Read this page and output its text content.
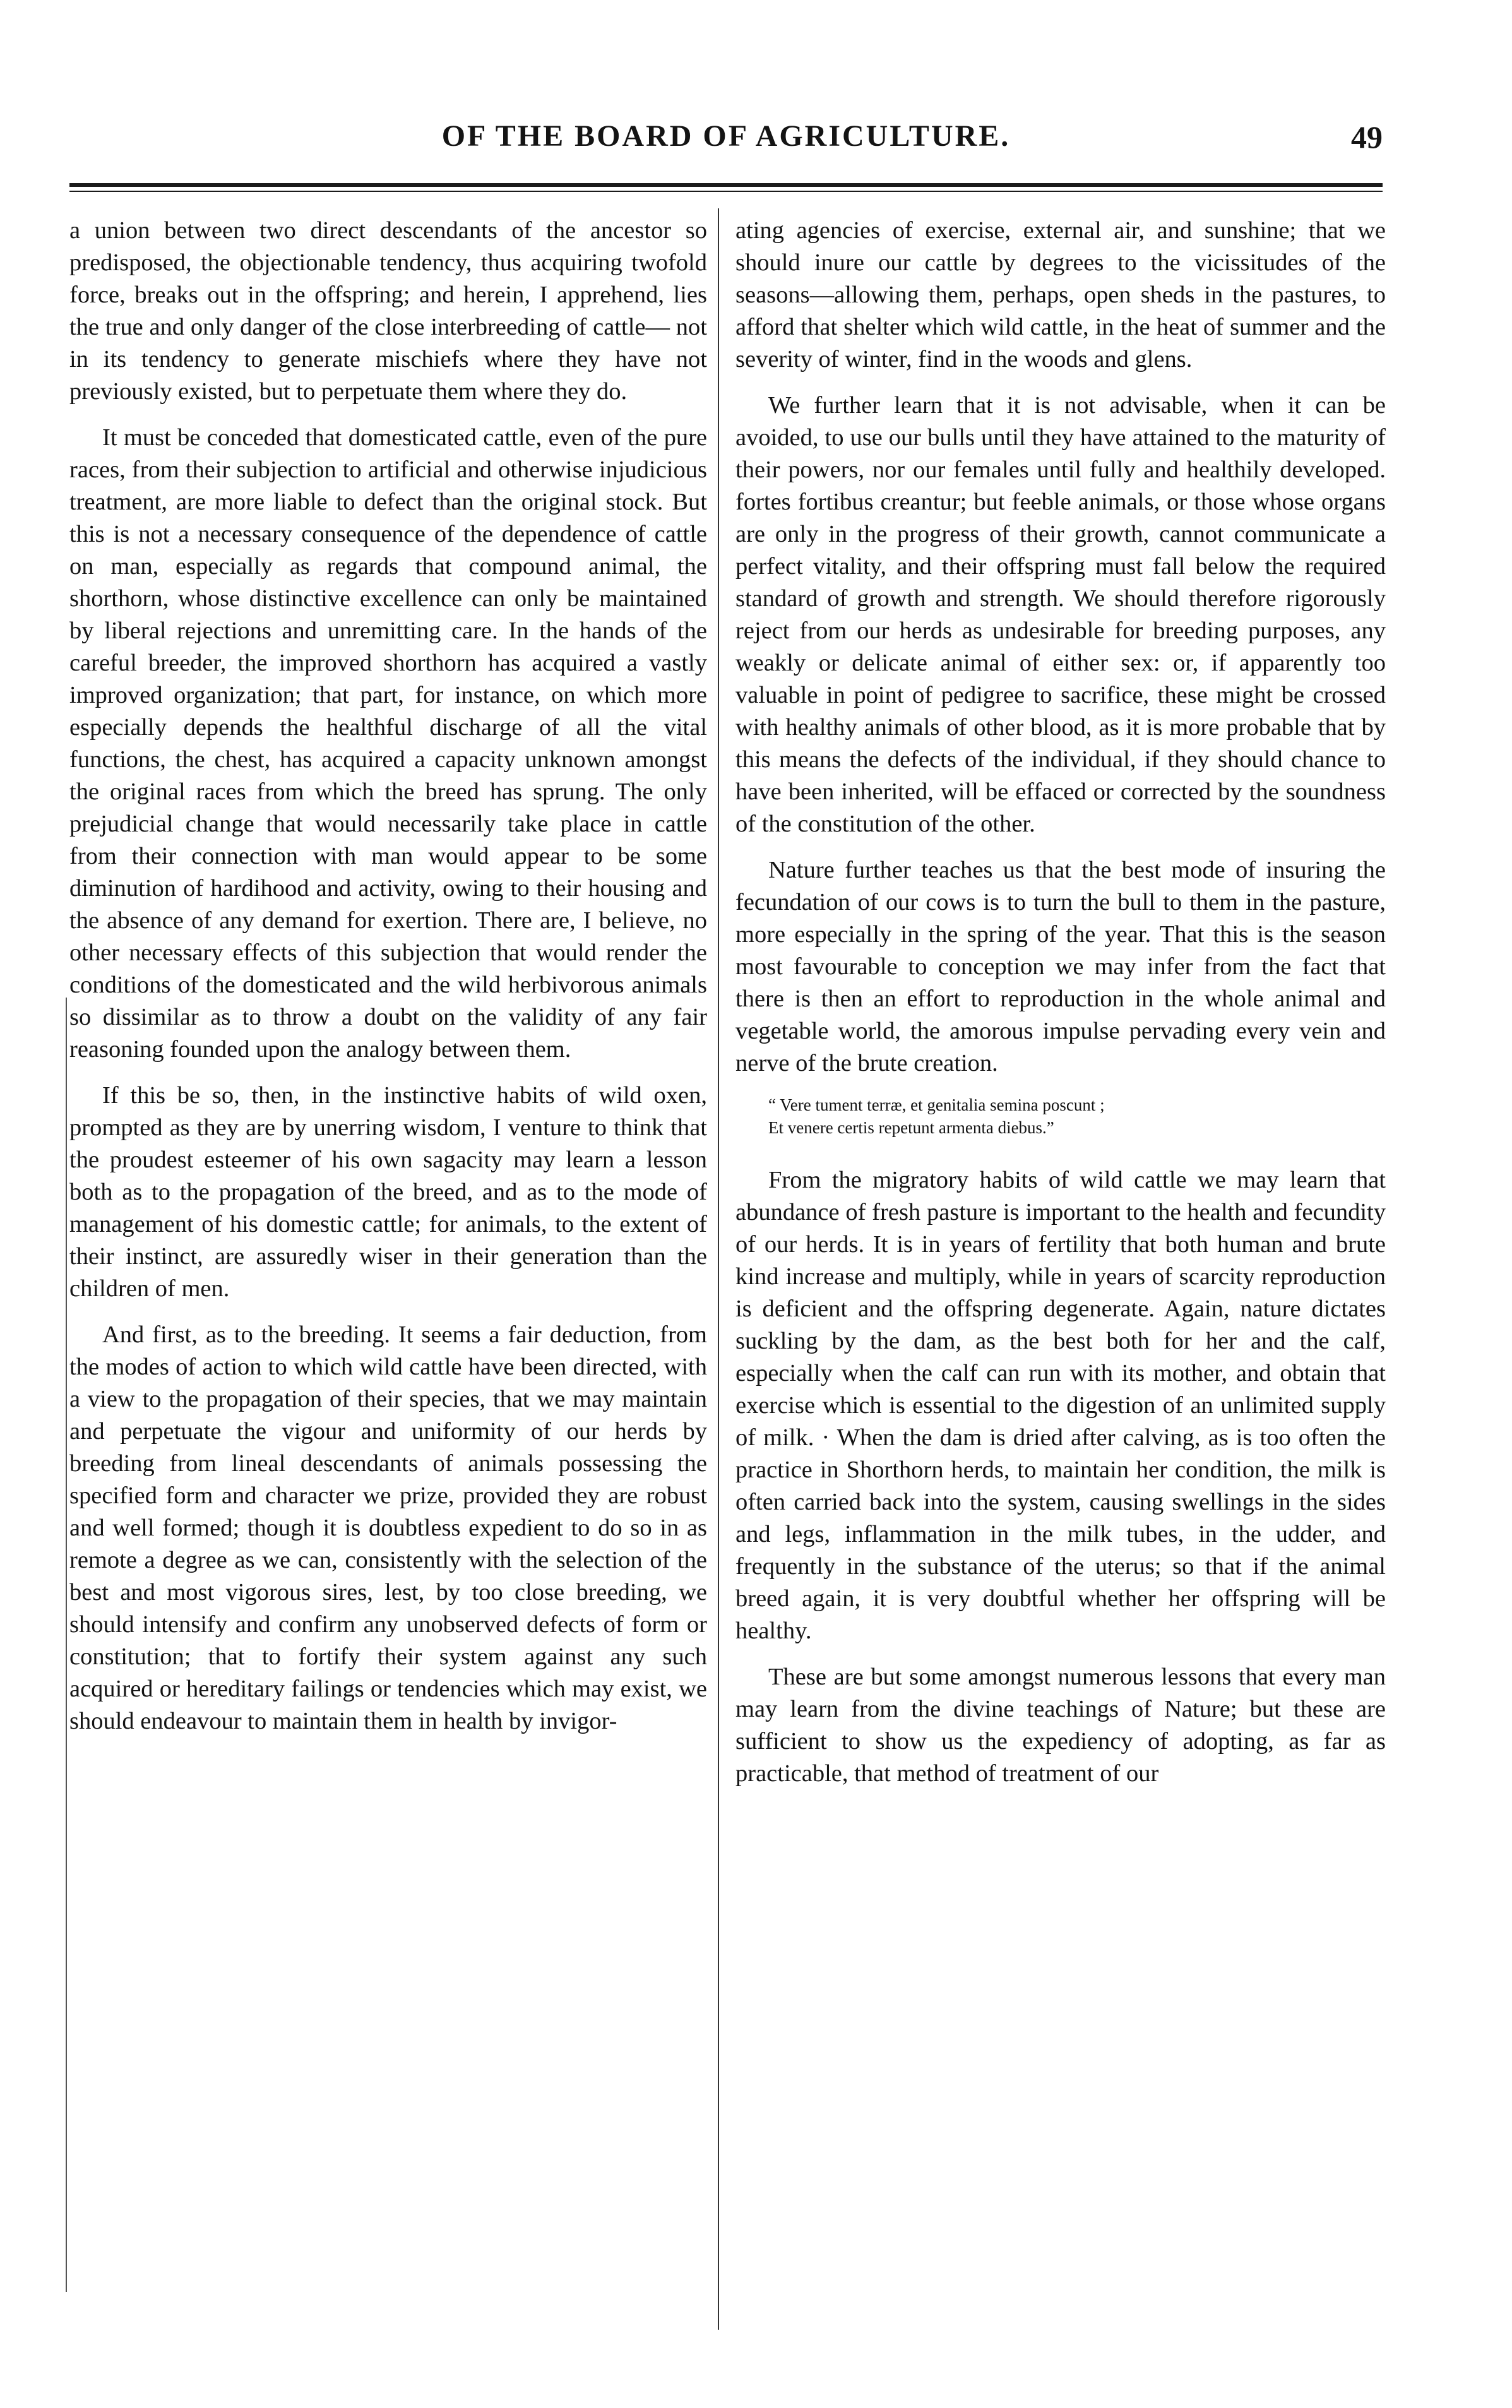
OF THE BOARD OF AGRICULTURE.	49

a union between two direct descendants of the ancestor so predisposed, the objectionable tendency, thus acquiring twofold force, breaks out in the offspring; and herein, I apprehend, lies the true and only danger of the close interbreeding of cattle— not in its tendency to generate mischiefs where they have not previously existed, but to perpetuate them where they do.

It must be conceded that domesticated cattle, even of the pure races, from their subjection to artificial and otherwise injudicious treatment, are more liable to defect than the original stock. But this is not a necessary consequence of the dependence of cattle on man, especially as regards that compound animal, the shorthorn, whose distinctive excellence can only be maintained by liberal rejections and unremitting care. In the hands of the careful breeder, the improved shorthorn has acquired a vastly improved organization; that part, for instance, on which more especially depends the healthful discharge of all the vital functions, the chest, has acquired a capacity unknown amongst the original races from which the breed has sprung. The only prejudicial change that would necessarily take place in cattle from their connection with man would appear to be some diminution of hardihood and activity, owing to their housing and the absence of any demand for exertion. There are, I believe, no other necessary effects of this subjection that would render the conditions of the domesticated and the wild herbivorous animals so dissimilar as to throw a doubt on the validity of any fair reasoning founded upon the analogy between them.

If this be so, then, in the instinctive habits of wild oxen, prompted as they are by unerring wisdom, I venture to think that the proudest esteemer of his own sagacity may learn a lesson both as to the propagation of the breed, and as to the mode of management of his domestic cattle; for animals, to the extent of their instinct, are assuredly wiser in their generation than the children of men.

And first, as to the breeding. It seems a fair deduction, from the modes of action to which wild cattle have been directed, with a view to the propagation of their species, that we may maintain and perpetuate the vigour and uniformity of our herds by breeding from lineal descendants of animals possessing the specified form and character we prize, provided they are robust and well formed; though it is doubtless expedient to do so in as remote a degree as we can, consistently with the selection of the best and most vigorous sires, lest, by too close breeding, we should intensify and confirm any unobserved defects of form or constitution; that to fortify their system against any such acquired or hereditary failings or tendencies which may exist, we should endeavour to maintain them in health by invigor-

ating agencies of exercise, external air, and sunshine; that we should inure our cattle by degrees to the vicissitudes of the seasons—allowing them, perhaps, open sheds in the pastures, to afford that shelter which wild cattle, in the heat of summer and the severity of winter, find in the woods and glens.

We further learn that it is not advisable, when it can be avoided, to use our bulls until they have attained to the maturity of their powers, nor our females until fully and healthily developed. fortes fortibus creantur; but feeble animals, or those whose organs are only in the progress of their growth, cannot communicate a perfect vitality, and their offspring must fall below the required standard of growth and strength. We should therefore rigorously reject from our herds as undesirable for breeding purposes, any weakly or delicate animal of either sex: or, if apparently too valuable in point of pedigree to sacrifice, these might be crossed with healthy animals of other blood, as it is more probable that by this means the defects of the individual, if they should chance to have been inherited, will be effaced or corrected by the soundness of the constitution of the other.

Nature further teaches us that the best mode of insuring the fecundation of our cows is to turn the bull to them in the pasture, more especially in the spring of the year. That this is the season most favourable to conception we may infer from the fact that there is then an effort to reproduction in the whole animal and vegetable world, the amorous impulse pervading every vein and nerve of the brute creation.

“ Vere tument terræ, et genitalia semina poscunt ;
Et venere certis repetunt armenta diebus.”

From the migratory habits of wild cattle we may learn that abundance of fresh pasture is important to the health and fecundity of our herds. It is in years of fertility that both human and brute kind increase and multiply, while in years of scarcity reproduction is deficient and the offspring degenerate. Again, nature dictates suckling by the dam, as the best both for her and the calf, especially when the calf can run with its mother, and obtain that exercise which is essential to the digestion of an unlimited supply of milk. · When the dam is dried after calving, as is too often the practice in Shorthorn herds, to maintain her condition, the milk is often carried back into the system, causing swellings in the sides and legs, inflammation in the milk tubes, in the udder, and frequently in the substance of the uterus; so that if the animal breed again, it is very doubtful whether her offspring will be healthy.

These are but some amongst numerous lessons that every man may learn from the divine teachings of Nature; but these are sufficient to show us the expediency of adopting, as far as practicable, that method of treatment of our
